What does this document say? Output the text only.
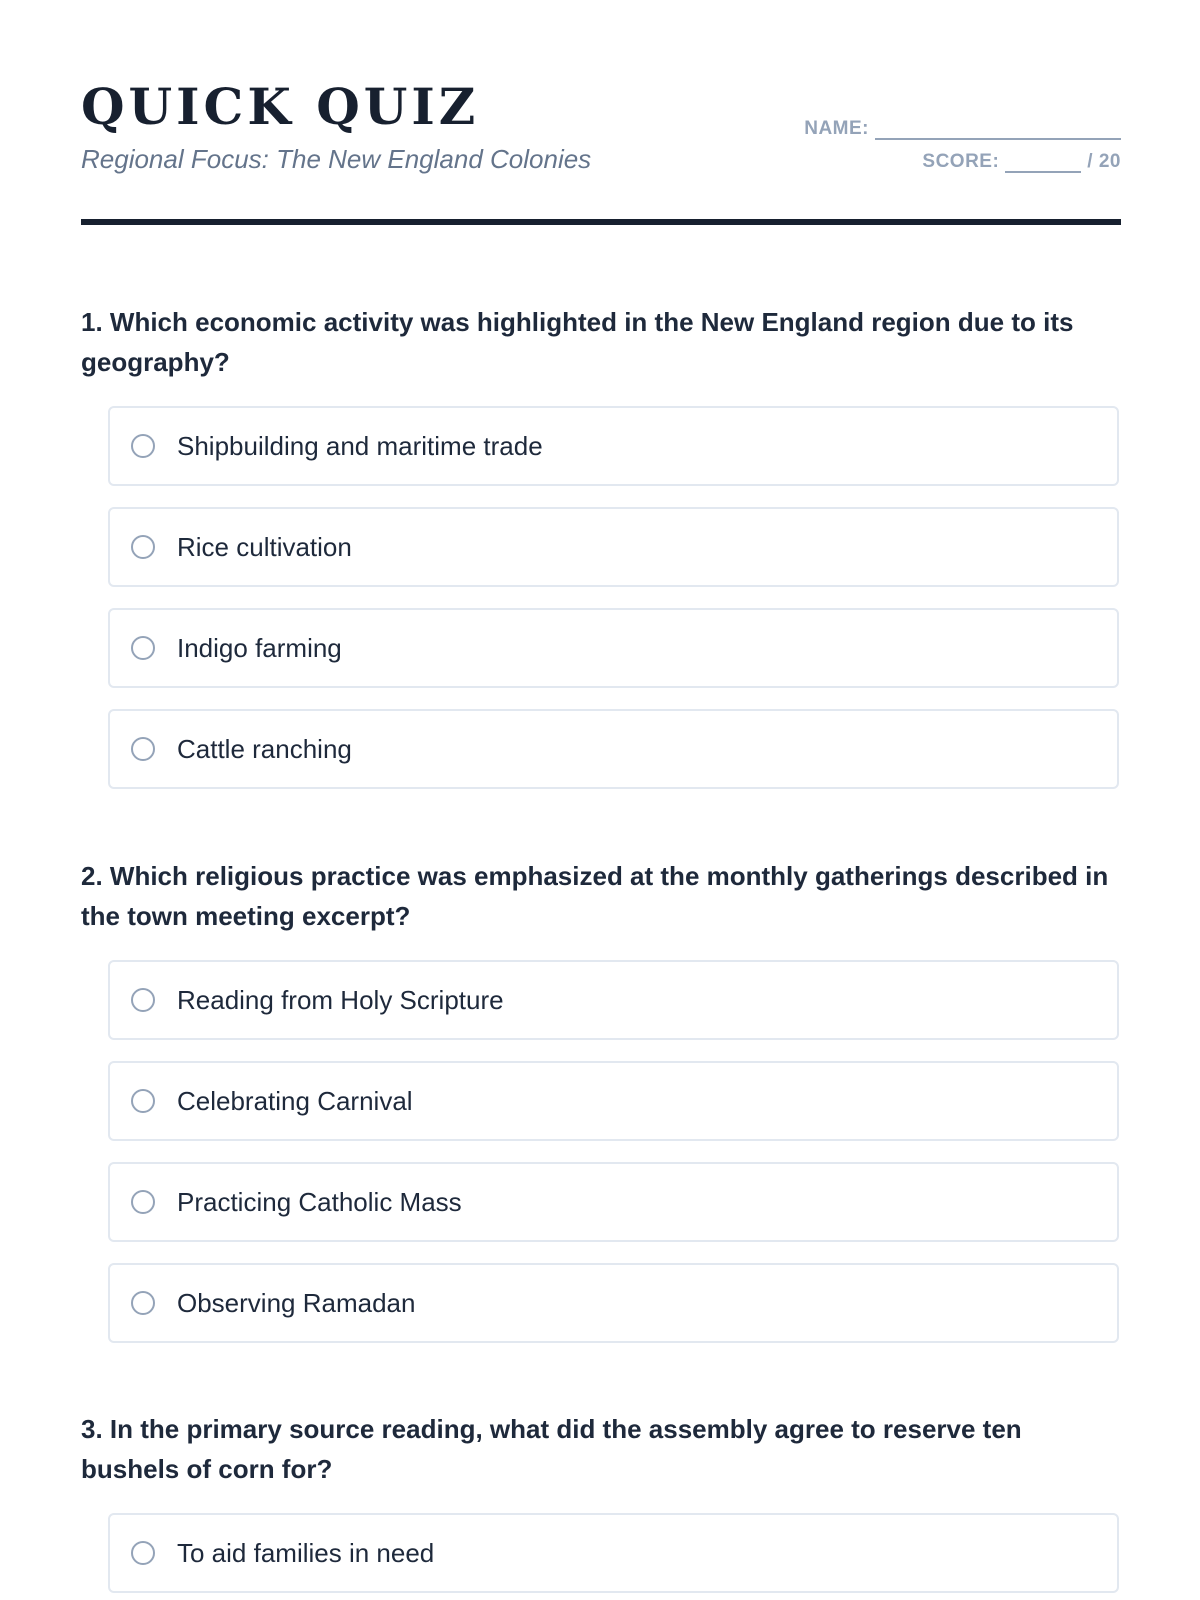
QUICK QUIZ
Regional Focus: The New England Colonies
NAME:
SCORE:	/ 20

1. Which economic activity was highlighted in the New England region due to its geography?

Shipbuilding and maritime trade
Rice cultivation
Indigo farming
Cattle ranching

2. Which religious practice was emphasized at the monthly gatherings described in the town meeting excerpt?

Reading from Holy Scripture
Celebrating Carnival
Practicing Catholic Mass
Observing Ramadan

3. In the primary source reading, what did the assembly agree to reserve ten bushels of corn for?

To aid families in need
